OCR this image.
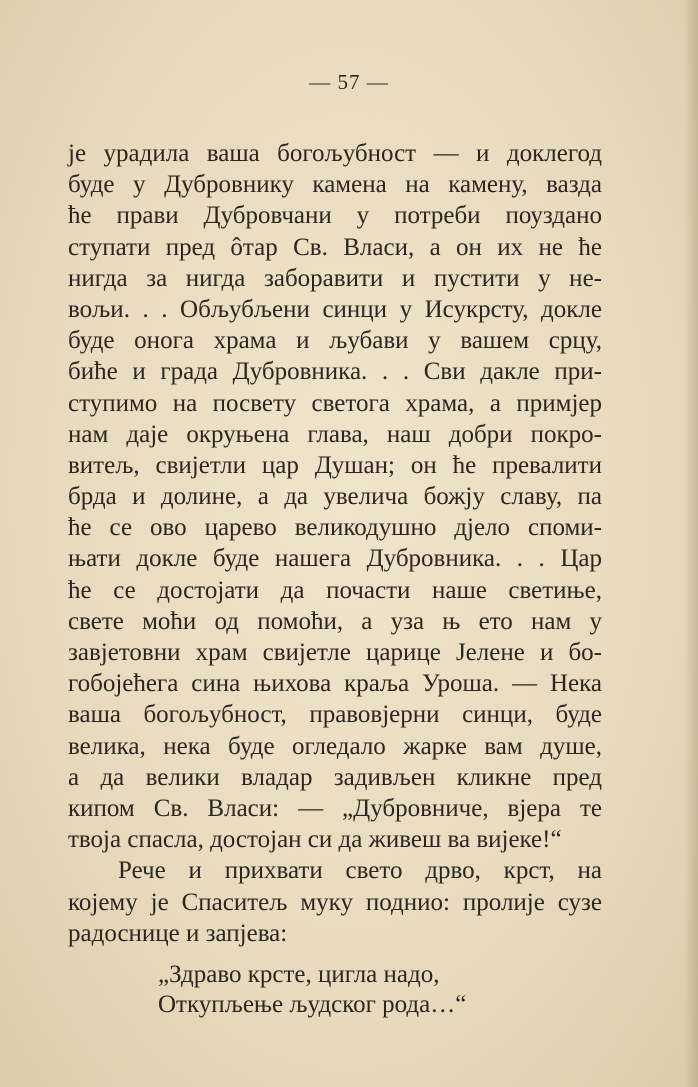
— 57 —
је урадила ваша богољубност — и доклегод
буде у Дубровнику камена на камену, вазда
ће прави Дубровчани у потреби поуздано
ступати пред ôтар Св. Власи, а он их не ће
нигда за нигда заборавити и пустити у не-
вољи. . . Обљубљени синци у Исукрсту, докле
буде онога храма и љубави у вашем срцу,
биће и града Дубровника. . . Сви дакле при-
ступимо на посвету светога храма, а примјер
нам даје окруњена глава, наш добри покро-
витељ, свијетли цар Душан; он ће превалити
брда и долине, а да увелича божју славу, па
ће се ово царево великодушно дјело споми-
њати докле буде нашега Дубровника. . . Цар
ће се достојати да почасти наше светиње,
свете моћи од помоћи, а уза њ ето нам у
завјетовни храм свијетле царице Јелене и бо-
гобојећега сина њихова краља Уроша. — Нека
ваша богољубност, правовјерни синци, буде
велика, нека буде огледало жарке вам душе,
а да велики владар задивљен кликне пред
кипом Св. Власи: — „Дубровниче, вјера те
твоја спасла, достојан си да живеш ва вијеке!“
Рече и прихвати свето дрво, крст, на
којему је Спаситељ муку поднио: пролије сузе
радоснице и запјева:
„Здраво крсте, цигла надо,
Откупљење људског рода…“
